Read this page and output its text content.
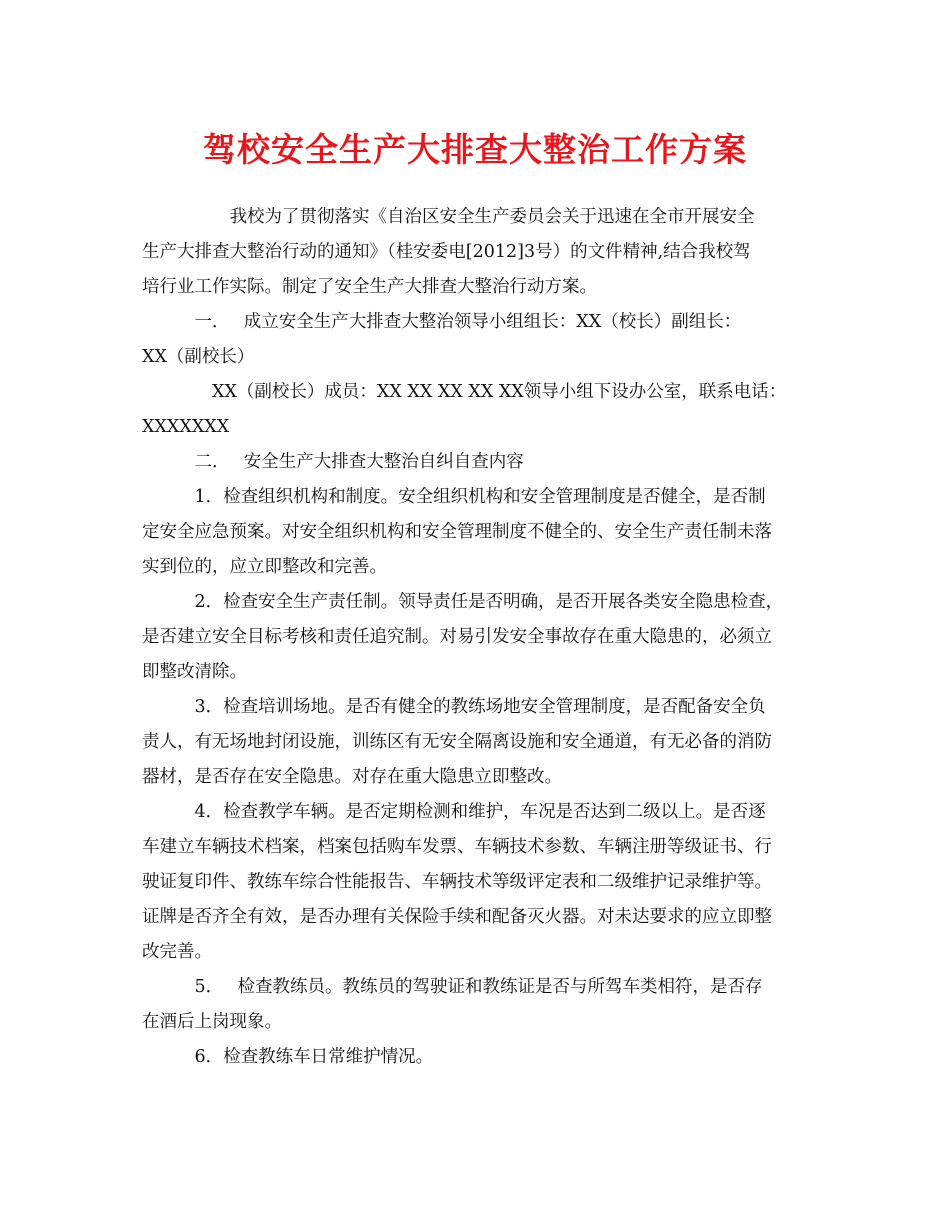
驾校安全生产大排查大整治工作方案
　　　　　我校为了贯彻落实《自治区安全生产委员会关于迅速在全市开展安全
生产大排查大整治行动的通知》（桂安委电[2012]3号）的文件精神,结合我校驾
培行业工作实际。制定了安全生产大排查大整治行动方案。
　　　一．　 成立安全生产大排查大整治领导小组组长：XX（校长）副组长：
XX（副校长）
　　　　XX（副校长）成员：XX XX XX XX XX领导小组下设办公室，联系电话：
XXXXXXX
　　　二．　 安全生产大排查大整治自纠自查内容
　　　1．检查组织机构和制度。安全组织机构和安全管理制度是否健全，是否制
定安全应急预案。对安全组织机构和安全管理制度不健全的、安全生产责任制未落
实到位的，应立即整改和完善。
　　　2．检查安全生产责任制。领导责任是否明确，是否开展各类安全隐患检查，
是否建立安全目标考核和责任追究制。对易引发安全事故存在重大隐患的，必须立
即整改清除。
　　　3．检查培训场地。是否有健全的教练场地安全管理制度，是否配备安全负
责人，有无场地封闭设施，训练区有无安全隔离设施和安全通道，有无必备的消防
器材，是否存在安全隐患。对存在重大隐患立即整改。
　　　4．检查教学车辆。是否定期检测和维护，车况是否达到二级以上。是否逐
车建立车辆技术档案，档案包括购车发票、车辆技术参数、车辆注册等级证书、行
驶证复印件、教练车综合性能报告、车辆技术等级评定表和二级维护记录维护等。
证牌是否齐全有效，是否办理有关保险手续和配备灭火器。对未达要求的应立即整
改完善。
　　　5．　 检查教练员。教练员的驾驶证和教练证是否与所驾车类相符，是否存
在酒后上岗现象。
　　　6．检查教练车日常维护情况。
